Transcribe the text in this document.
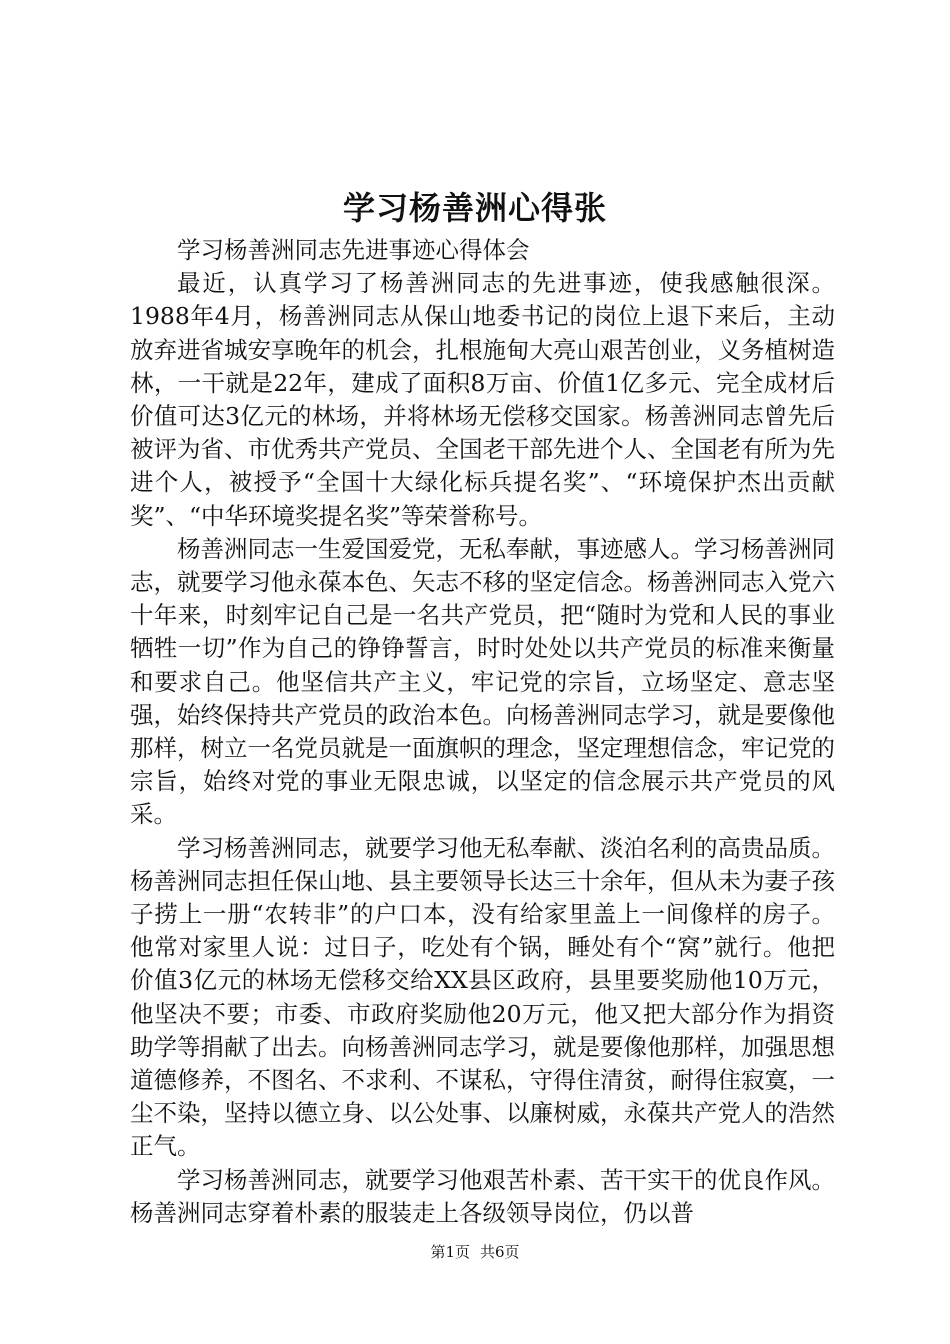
学习杨善洲心得张

学习杨善洲同志先进事迹心得体会

最近，认真学习了杨善洲同志的先进事迹，使我感触很深。1988年4月，杨善洲同志从保山地委书记的岗位上退下来后，主动放弃进省城安享晚年的机会，扎根施甸大亮山艰苦创业，义务植树造林，一干就是22年，建成了面积8万亩、价值1亿多元、完全成材后价值可达3亿元的林场，并将林场无偿移交国家。杨善洲同志曾先后被评为省、市优秀共产党员、全国老干部先进个人、全国老有所为先进个人，被授予“全国十大绿化标兵提名奖”、“环境保护杰出贡献奖”、“中华环境奖提名奖”等荣誉称号。

杨善洲同志一生爱国爱党，无私奉献，事迹感人。学习杨善洲同志，就要学习他永葆本色、矢志不移的坚定信念。杨善洲同志入党六十年来，时刻牢记自己是一名共产党员，把“随时为党和人民的事业牺牲一切”作为自己的铮铮誓言，时时处处以共产党员的标准来衡量和要求自己。他坚信共产主义，牢记党的宗旨，立场坚定、意志坚强，始终保持共产党员的政治本色。向杨善洲同志学习，就是要像他那样，树立一名党员就是一面旗帜的理念，坚定理想信念，牢记党的宗旨，始终对党的事业无限忠诚，以坚定的信念展示共产党员的风采。

学习杨善洲同志，就要学习他无私奉献、淡泊名利的高贵品质。杨善洲同志担任保山地、县主要领导长达三十余年，但从未为妻子孩子捞上一册“农转非”的户口本，没有给家里盖上一间像样的房子。他常对家里人说：过日子，吃处有个锅，睡处有个“窝”就行。他把价值3亿元的林场无偿移交给XX县区政府，县里要奖励他10万元，他坚决不要；市委、市政府奖励他20万元，他又把大部分作为捐资助学等捐献了出去。向杨善洲同志学习，就是要像他那样，加强思想道德修养，不图名、不求利、不谋私，守得住清贫，耐得住寂寞，一尘不染，坚持以德立身、以公处事、以廉树威，永葆共产党人的浩然正气。

学习杨善洲同志，就要学习他艰苦朴素、苦干实干的优良作风。杨善洲同志穿着朴素的服装走上各级领导岗位，仍以普

第1页 共6页
